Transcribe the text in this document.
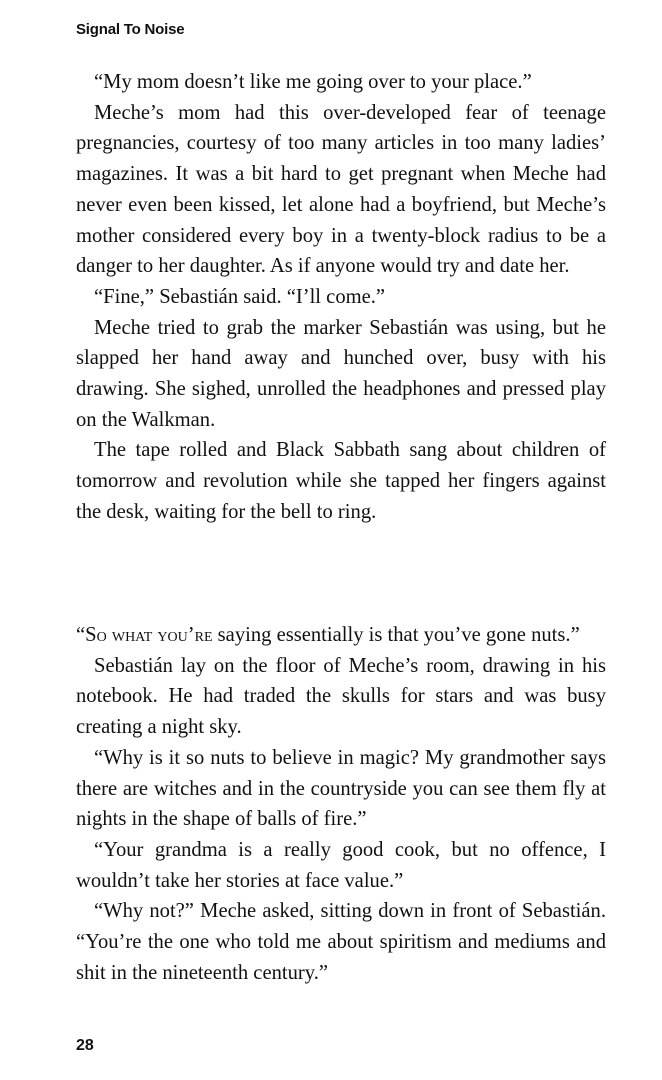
Signal To Noise

“My mom doesn’t like me going over to your place.”

Meche’s mom had this over-developed fear of teenage pregnancies, courtesy of too many articles in too many ladies’ magazines. It was a bit hard to get pregnant when Meche had never even been kissed, let alone had a boyfriend, but Meche’s mother considered every boy in a twenty-block radius to be a danger to her daughter. As if anyone would try and date her.

“Fine,” Sebastián said. “I’ll come.”

Meche tried to grab the marker Sebastián was using, but he slapped her hand away and hunched over, busy with his drawing. She sighed, unrolled the headphones and pressed play on the Walkman.

The tape rolled and Black Sabbath sang about children of tomorrow and revolution while she tapped her fingers against the desk, waiting for the bell to ring.

“So what you’re saying essentially is that you’ve gone nuts.”

Sebastián lay on the floor of Meche’s room, drawing in his notebook. He had traded the skulls for stars and was busy creating a night sky.

“Why is it so nuts to believe in magic? My grandmother says there are witches and in the countryside you can see them fly at nights in the shape of balls of fire.”

“Your grandma is a really good cook, but no offence, I wouldn’t take her stories at face value.”

“Why not?” Meche asked, sitting down in front of Sebastián. “You’re the one who told me about spiritism and mediums and shit in the nineteenth century.”

28
